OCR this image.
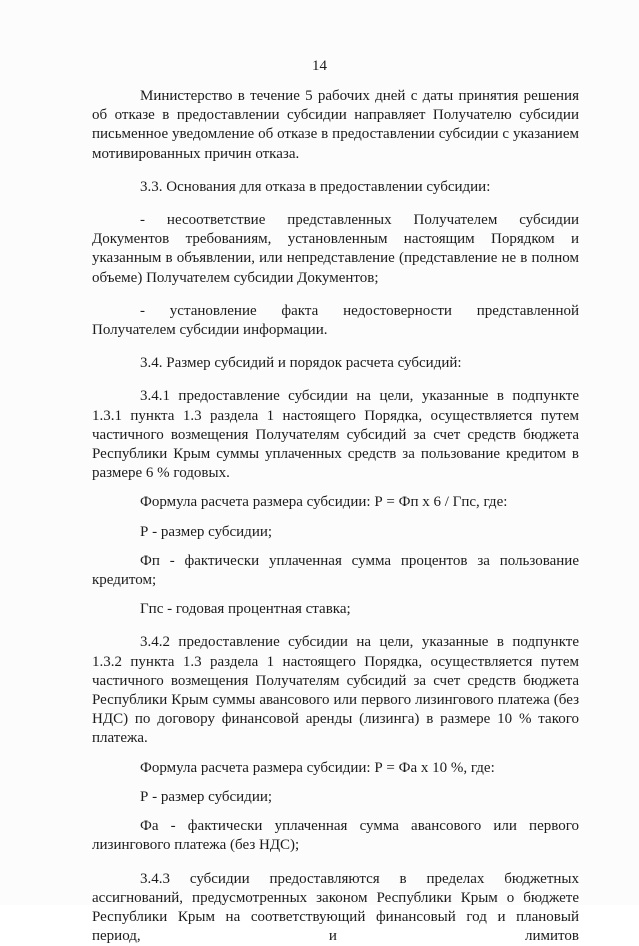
14

Министерство в течение 5 рабочих дней с даты принятия решения об отказе в предоставлении субсидии направляет Получателю субсидии письменное уведомление об отказе в предоставлении субсидии с указанием мотивированных причин отказа.

3.3. Основания для отказа в предоставлении субсидии:

- несоответствие представленных Получателем субсидии Документов требованиям, установленным настоящим Порядком и указанным в объявлении, или непредставление (представление не в полном объеме) Получателем субсидии Документов;

- установление факта недостоверности представленной Получателем субсидии информации.

3.4. Размер субсидий и порядок расчета субсидий:

3.4.1 предоставление субсидии на цели, указанные в подпункте 1.3.1 пункта 1.3 раздела 1 настоящего Порядка, осуществляется путем частичного возмещения Получателям субсидий за счет средств бюджета Республики Крым суммы уплаченных средств за пользование кредитом в размере 6 % годовых.

Формула расчета размера субсидии: Р = Фп х 6 / Гпс, где:

Р - размер субсидии;

Фп - фактически уплаченная сумма процентов за пользование кредитом;

Гпс - годовая процентная ставка;

3.4.2 предоставление субсидии на цели, указанные в подпункте 1.3.2 пункта 1.3 раздела 1 настоящего Порядка, осуществляется путем частичного возмещения Получателям субсидий за счет средств бюджета Республики Крым суммы авансового или первого лизингового платежа (без НДС) по договору финансовой аренды (лизинга) в размере 10 % такого платежа.

Формула расчета размера субсидии: Р = Фа х 10 %, где:

Р - размер субсидии;

Фа - фактически уплаченная сумма авансового или первого лизингового платежа (без НДС);

3.4.3 субсидии предоставляются в пределах бюджетных ассигнований, предусмотренных законом Республики Крым о бюджете Республики Крым на соответствующий финансовый год и плановый период, и лимитов
